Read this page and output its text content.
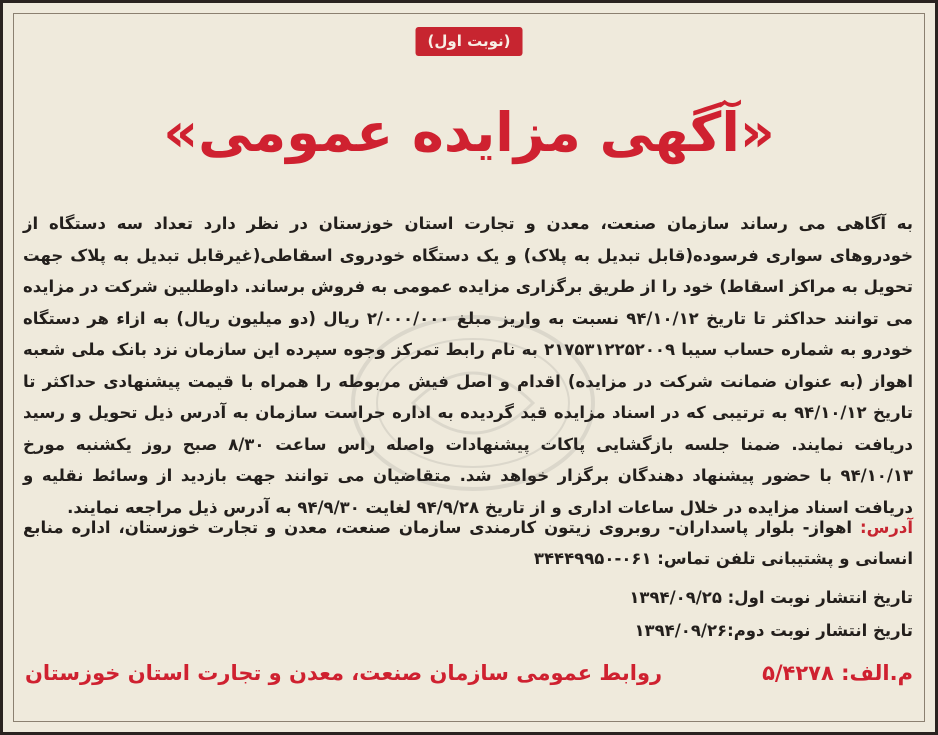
(نوبت اول)
«آگهی مزایده عمومی»
به آگاهی می رساند سازمان صنعت، معدن و تجارت استان خوزستان در نظر دارد تعداد سه دستگاه از خودروهای سواری فرسوده(قابل تبدیل به پلاک) و یک دستگاه خودروی اسقاطی(غیرقابل تبدیل به پلاک جهت تحویل به مراکز اسقاط) خود را از طریق برگزاری مزایده عمومی به فروش برساند. داوطلبین شرکت در مزایده می توانند حداکثر تا تاریخ ۹۴/۱۰/۱۲ نسبت به واریز مبلغ ۲/۰۰۰/۰۰۰ ریال (دو میلیون ریال) به ازاء هر دستگاه خودرو به شماره حساب سیبا ۲۱۷۵۳۱۲۲۵۲۰۰۹ به نام رابط تمرکز وجوه سپرده این سازمان نزد بانک ملی شعبه اهواز (به عنوان ضمانت شرکت در مزایده) اقدام و اصل فیش مربوطه را همراه با قیمت پیشنهادی حداکثر تا تاریخ ۹۴/۱۰/۱۲ به ترتیبی که در اسناد مزایده قید گردیده به اداره حراست سازمان به آدرس ذیل تحویل و رسید دریافت نمایند. ضمنا جلسه بازگشایی پاکات پیشنهادات واصله راس ساعت ۸/۳۰ صبح روز یکشنبه مورخ ۹۴/۱۰/۱۳ با حضور پیشنهاد دهندگان برگزار خواهد شد. متقاضیان می توانند جهت بازدید از وسائط نقلیه و دریافت اسناد مزایده در خلال ساعات اداری و از تاریخ ۹۴/۹/۲۸ لغایت ۹۴/۹/۳۰ به آدرس ذیل مراجعه نمایند.
آدرس: اهواز- بلوار پاسداران- روبروی زیتون کارمندی سازمان صنعت، معدن و تجارت خوزستان، اداره منابع انسانی و پشتیبانی تلفن تماس: ۰۶۱-۳۴۴۴۹۹۵۰
تاریخ انتشار نوبت اول: ۱۳۹۴/۰۹/۲۵
تاریخ انتشار نوبت دوم:۱۳۹۴/۰۹/۲۶
م.الف: ۵/۴۲۷۸
روابط عمومی سازمان صنعت، معدن و تجارت استان خوزستان
